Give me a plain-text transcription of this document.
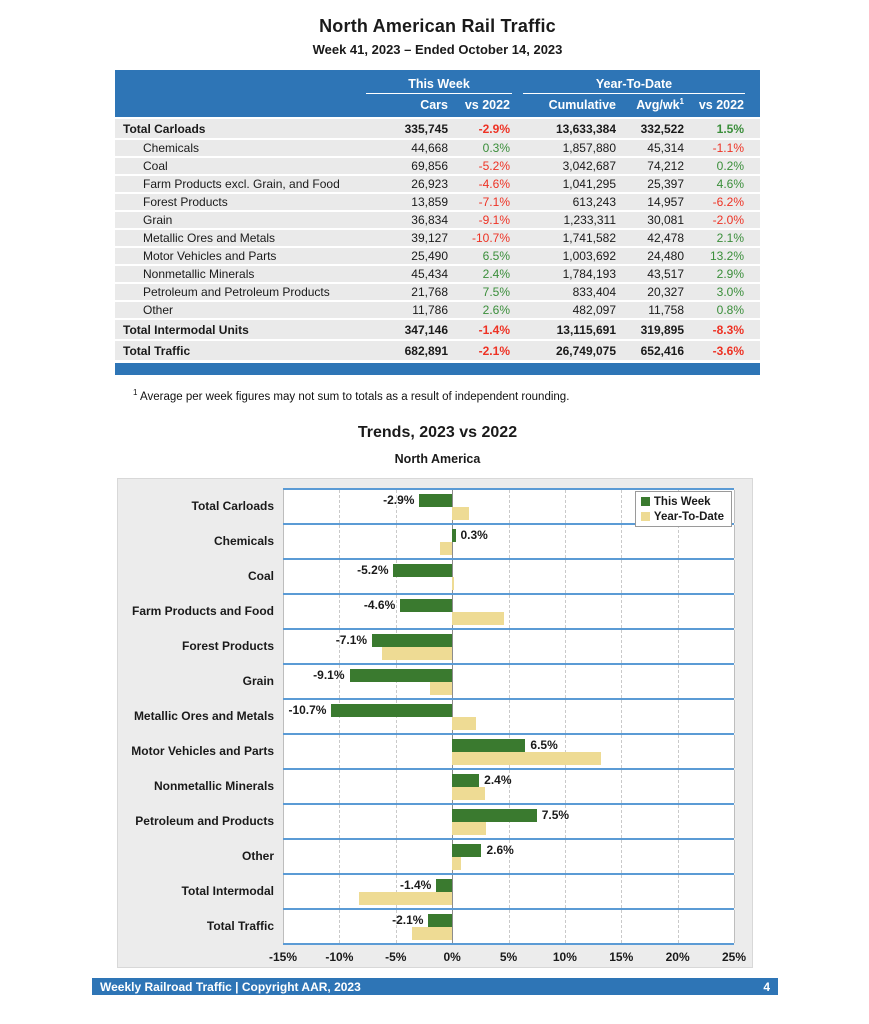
North American Rail Traffic
Week 41, 2023 – Ended October 14, 2023
This Week	Year-To-Date
Cars	vs 2022	Cumulative	Avg/$wk^1$	vs 2022
Total Carloads	335,745	-2.9%	13,633,384	332,522	1.5%
Chemicals	44,668	0.3%	1,857,880	45,314	-1.1%
Coal	69,856	-5.2%	3,042,687	74,212	0.2%
Farm Products excl. Grain, and Food	26,923	-4.6%	1,041,295	25,397	4.6%
Forest Products	13,859	-7.1%	613,243	14,957	-6.2%
Grain	36,834	-9.1%	1,233,311	30,081	-2.0%
Metallic Ores and Metals	39,127	-10.7%	1,741,582	42,478	2.1%
Motor Vehicles and Parts	25,490	6.5%	1,003,692	24,480	13.2%
Nonmetallic Minerals	45,434	2.4%	1,784,193	43,517	2.9%
Petroleum and Petroleum Products	21,768	7.5%	833,404	20,327	3.0%
Other	11,786	2.6%	482,097	11,758	0.8%
Total Intermodal Units	347,146	-1.4%	13,115,691	319,895	-8.3%
Total Traffic	682,891	-2.1%	26,749,075	652,416	-3.6%
$^1$ Average per week figures may not sum to totals as a result of independent rounding.
Trends, 2023 vs 2022
North America
Total Carloads	-2.9%	This Week
Year-To-Date
Chemicals	0.3%
Coal	-5.2%
Farm Products and Food	-4.6%
Forest Products	-7.1%
Grain	-9.1%
Metallic Ores and Metals	-10.7%
Motor Vehicles and Parts	6.5%
Nonmetallic Minerals	2.4%
Petroleum and Products	7.5%
Other	2.6%
Total Intermodal	-1.4%
Total Traffic	-2.1%
-15%	-10%	-5%	0%	5%	10%	15%	20%	25%
Weekly Railroad Traffic | Copyright AAR, 2023	4
